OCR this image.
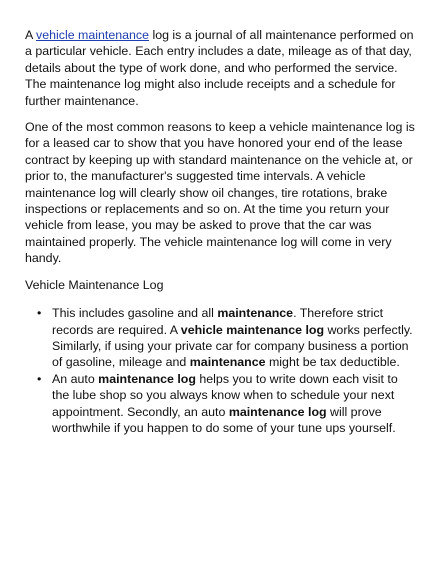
A vehicle maintenance log is a journal of all maintenance performed on a particular vehicle. Each entry includes a date, mileage as of that day, details about the type of work done, and who performed the service. The maintenance log might also include receipts and a schedule for further maintenance.

One of the most common reasons to keep a vehicle maintenance log is for a leased car to show that you have honored your end of the lease contract by keeping up with standard maintenance on the vehicle at, or prior to, the manufacturer's suggested time intervals. A vehicle maintenance log will clearly show oil changes, tire rotations, brake inspections or replacements and so on. At the time you return your vehicle from lease, you may be asked to prove that the car was maintained properly. The vehicle maintenance log will come in very handy.

Vehicle Maintenance Log

• This includes gasoline and all maintenance. Therefore strict records are required. A vehicle maintenance log works perfectly. Similarly, if using your private car for company business a portion of gasoline, mileage and maintenance might be tax deductible.
• An auto maintenance log helps you to write down each visit to the lube shop so you always know when to schedule your next appointment. Secondly, an auto maintenance log will prove worthwhile if you happen to do some of your tune ups yourself.
